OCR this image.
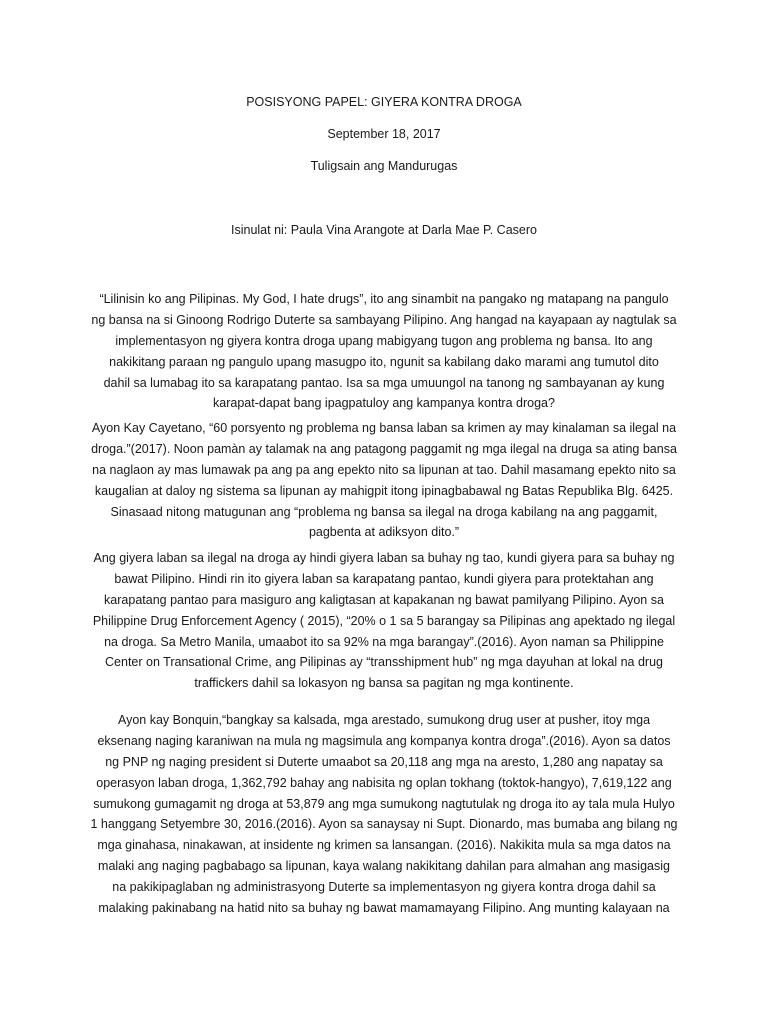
POSISYONG PAPEL: GIYERA KONTRA DROGA
September 18, 2017
Tuligsain ang Mandurugas
Isinulat ni: Paula Vina Arangote at Darla Mae P. Casero
“Lilinisin ko ang Pilipinas. My God, I hate drugs”, ito ang sinambit na pangako ng matapang na pangulo
ng bansa na si Ginoong Rodrigo Duterte sa sambayang Pilipino. Ang hangad na kayapaan ay nagtulak sa
implementasyon ng giyera kontra droga upang mabigyang tugon ang problema ng bansa. Ito ang
nakikitang paraan ng pangulo upang masugpo ito, ngunit sa kabilang dako marami ang tumutol dito
dahil sa lumabag ito sa karapatang pantao. Isa sa mga umuungol na tanong ng sambayanan ay kung
karapat-dapat bang ipagpatuloy ang kampanya kontra droga?
Ayon Kay Cayetano, “60 porsyento ng problema ng bansa laban sa krimen ay may kinalaman sa ilegal na
droga.”(2017). Noon pamàn ay talamak na ang patagong paggamit ng mga ilegal na druga sa ating bansa
na naglaon ay mas lumawak pa ang pa ang epekto nito sa lipunan at tao. Dahil masamang epekto nito sa
kaugalian at daloy ng sistema sa lipunan ay mahigpit itong ipinagbabawal ng Batas Republika Blg. 6425.
Sinasaad nitong matugunan ang “problema ng bansa sa ilegal na droga kabilang na ang paggamit,
pagbenta at adiksyon dito.”
Ang giyera laban sa ilegal na droga ay hindi giyera laban sa buhay ng tao, kundi giyera para sa buhay ng
bawat Pilipino. Hindi rin ito giyera laban sa karapatang pantao, kundi giyera para protektahan ang
karapatang pantao para masiguro ang kaligtasan at kapakanan ng bawat pamilyang Pilipino. Ayon sa
Philippine Drug Enforcement Agency ( 2015), “20% o 1 sa 5 barangay sa Pilipinas ang apektado ng ilegal
na droga. Sa Metro Manila, umaabot ito sa 92% na mga barangay”.(2016). Ayon naman sa Philippine
Center on Transational Crime, ang Pilipinas ay “transshipment hub” ng mga dayuhan at lokal na drug
traffickers dahil sa lokasyon ng bansa sa pagitan ng mga kontinente.
Ayon kay Bonquin,“bangkay sa kalsada, mga arestado, sumukong drug user at pusher, itoy mga
eksenang naging karaniwan na mula ng magsimula ang kompanya kontra droga”.(2016). Ayon sa datos
ng PNP ng naging president si Duterte umaabot sa 20,118 ang mga na aresto, 1,280 ang napatay sa
operasyon laban droga, 1,362,792 bahay ang nabisita ng oplan tokhang (toktok-hangyo), 7,619,122 ang
sumukong gumagamit ng droga at 53,879 ang mga sumukong nagtutulak ng droga ito ay tala mula Hulyo
1 hanggang Setyembre 30, 2016.(2016). Ayon sa sanaysay ni Supt. Dionardo, mas bumaba ang bilang ng
mga ginahasa, ninakawan, at insidente ng krimen sa lansangan. (2016). Nakikita mula sa mga datos na
malaki ang naging pagbabago sa lipunan, kaya walang nakikitang dahilan para almahan ang masigasig
na pakikipaglaban ng administrasyong Duterte sa implementasyon ng giyera kontra droga dahil sa
malaking pakinabang na hatid nito sa buhay ng bawat mamamayang Filipino. Ang munting kalayaan na
